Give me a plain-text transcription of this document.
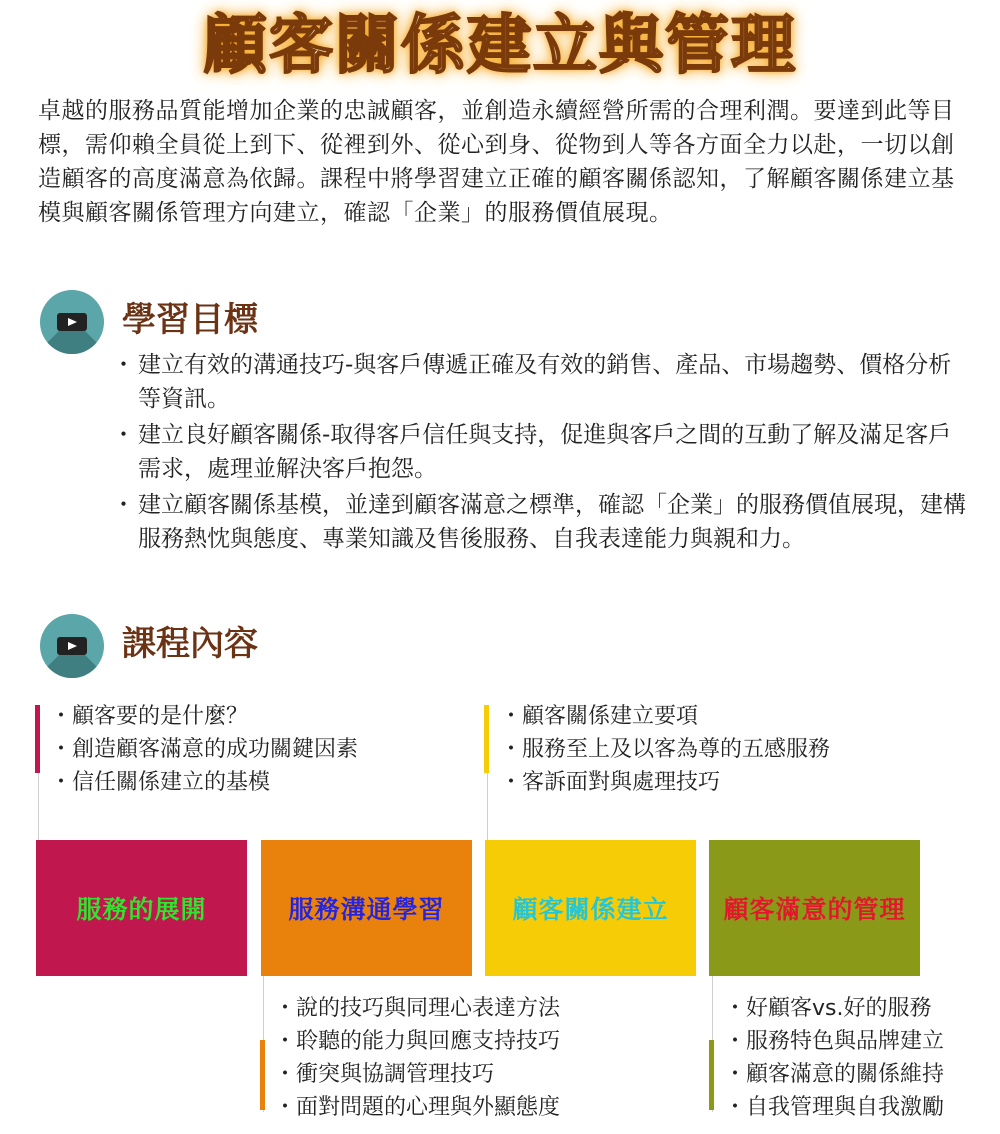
顧客關係建立與管理
卓越的服務品質能增加企業的忠誠顧客，並創造永續經營所需的合理利潤。要達到此等目標，需仰賴全員從上到下、從裡到外、從心到身、從物到人等各方面全力以赴，一切以創造顧客的高度滿意為依歸。課程中將學習建立正確的顧客關係認知，了解顧客關係建立基模與顧客關係管理方向建立，確認「企業」的服務價值展現。
學習目標
・ 建立有效的溝通技巧-與客戶傳遞正確及有效的銷售、產品、市場趨勢、價格分析等資訊。
・ 建立良好顧客關係-取得客戶信任與支持，促進與客戶之間的互動了解及滿足客戶需求，處理並解決客戶抱怨。
・ 建立顧客關係基模，並達到顧客滿意之標準，確認「企業」的服務價值展現，建構服務熱忱與態度、專業知識及售後服務、自我表達能力與親和力。
課程內容
・ 顧客要的是什麼？
・ 創造顧客滿意的成功關鍵因素
・ 信任關係建立的基模
・ 顧客關係建立要項
・ 服務至上及以客為尊的五感服務
・ 客訴面對與處理技巧
服務的展開	服務溝通學習	顧客關係建立 顧客滿意的管理
・ 說的技巧與同理心表達方法
・ 聆聽的能力與回應支持技巧
・ 衝突與協調管理技巧
・ 面對問題的心理與外顯態度
・ 好顧客vs.好的服務
・ 服務特色與品牌建立
・ 顧客滿意的關係維持
・ 自我管理與自我激勵
